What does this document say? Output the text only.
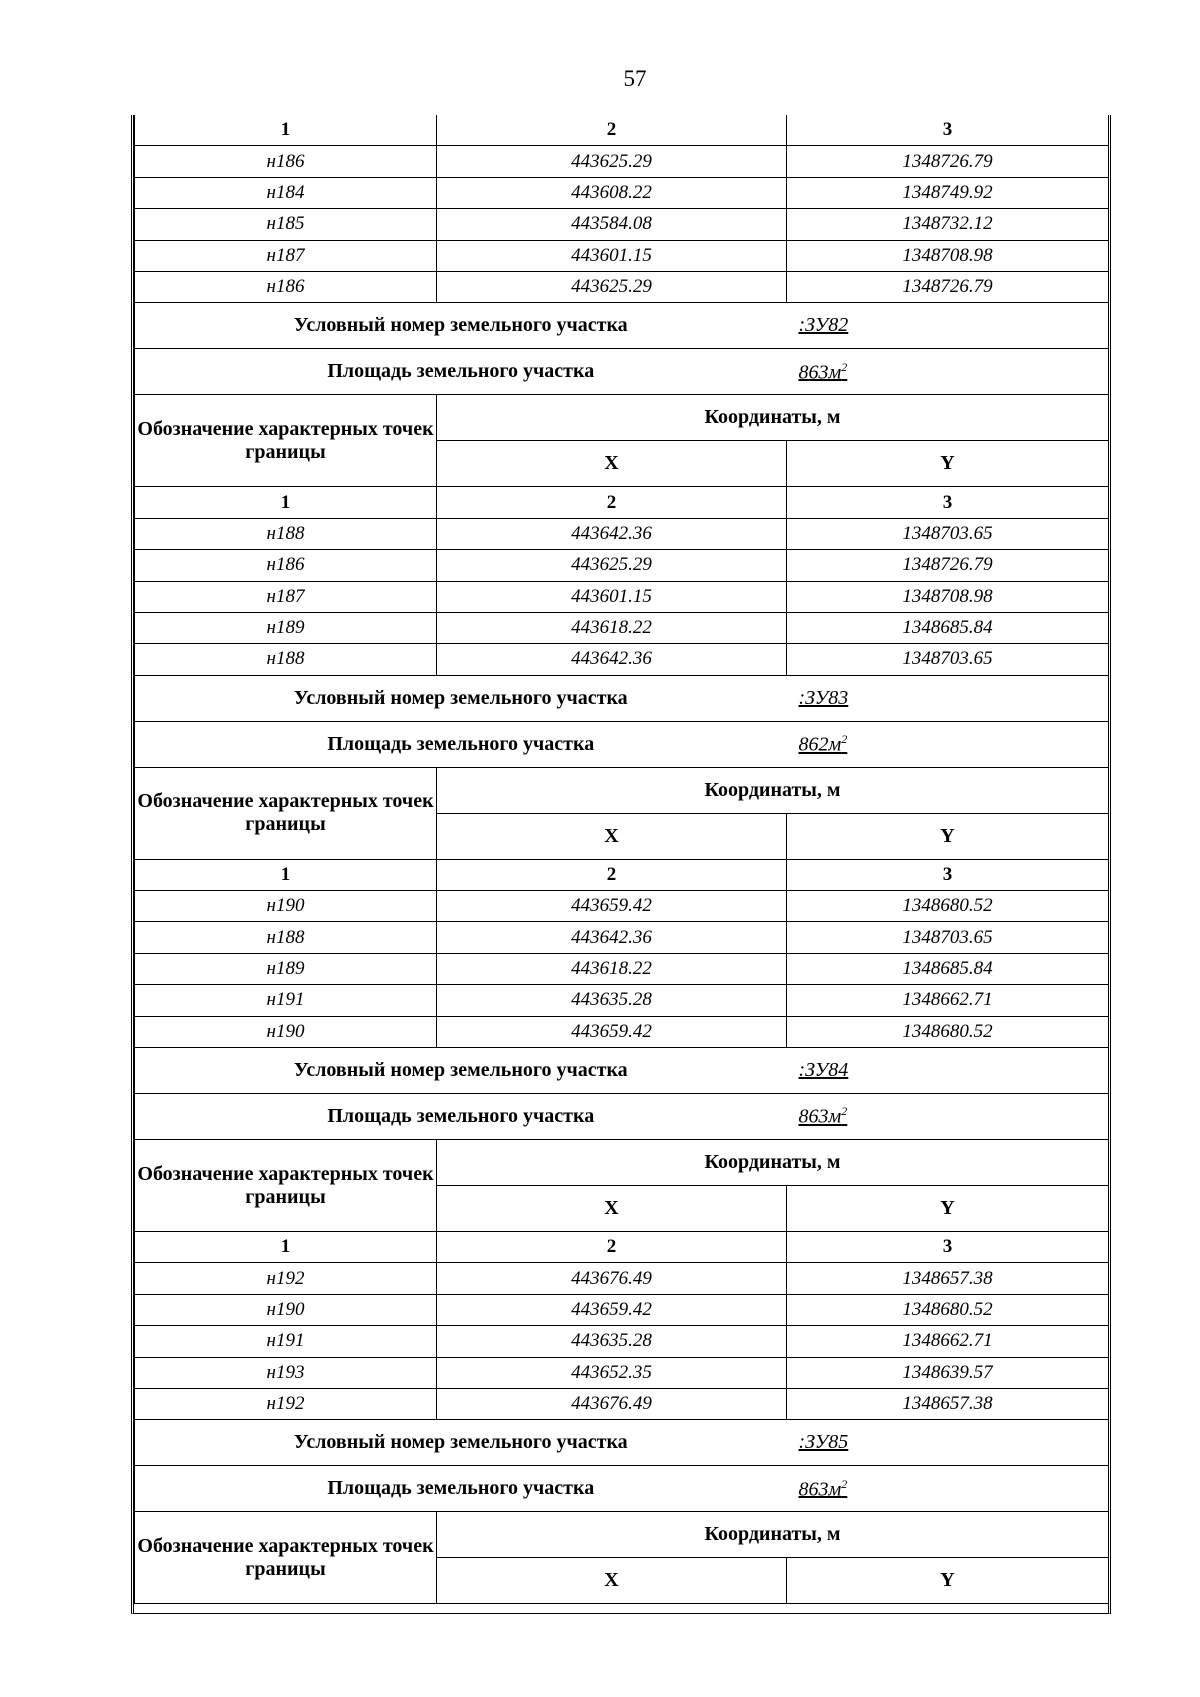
57
1	2	3
н186	443625.29	1348726.79
н184	443608.22	1348749.92
н185	443584.08	1348732.12
н187	443601.15	1348708.98
н186	443625.29	1348726.79
Условный номер земельного участка		:ЗУ82
Площадь земельного участка		$863м^2$
Обозначение характерных точек границы	Координаты, м	
	X	Y
1	2	3
н188	443642.36	1348703.65
н186	443625.29	1348726.79
н187	443601.15	1348708.98
н189	443618.22	1348685.84
н188	443642.36	1348703.65
Условный номер земельного участка		:ЗУ83
Площадь земельного участка		$862м^2$
Обозначение характерных точек границы	Координаты, м	
	X	Y
1	2	3
н190	443659.42	1348680.52
н188	443642.36	1348703.65
н189	443618.22	1348685.84
н191	443635.28	1348662.71
н190	443659.42	1348680.52
Условный номер земельного участка		:ЗУ84
Площадь земельного участка		$863м^2$
Обозначение характерных точек границы	Координаты, м	
	X	Y
1	2	3
н192	443676.49	1348657.38
н190	443659.42	1348680.52
н191	443635.28	1348662.71
н193	443652.35	1348639.57
н192	443676.49	1348657.38
Условный номер земельного участка		:ЗУ85
Площадь земельного участка		$863м^2$
Обозначение характерных точек границы	Координаты, м	
	X	Y
